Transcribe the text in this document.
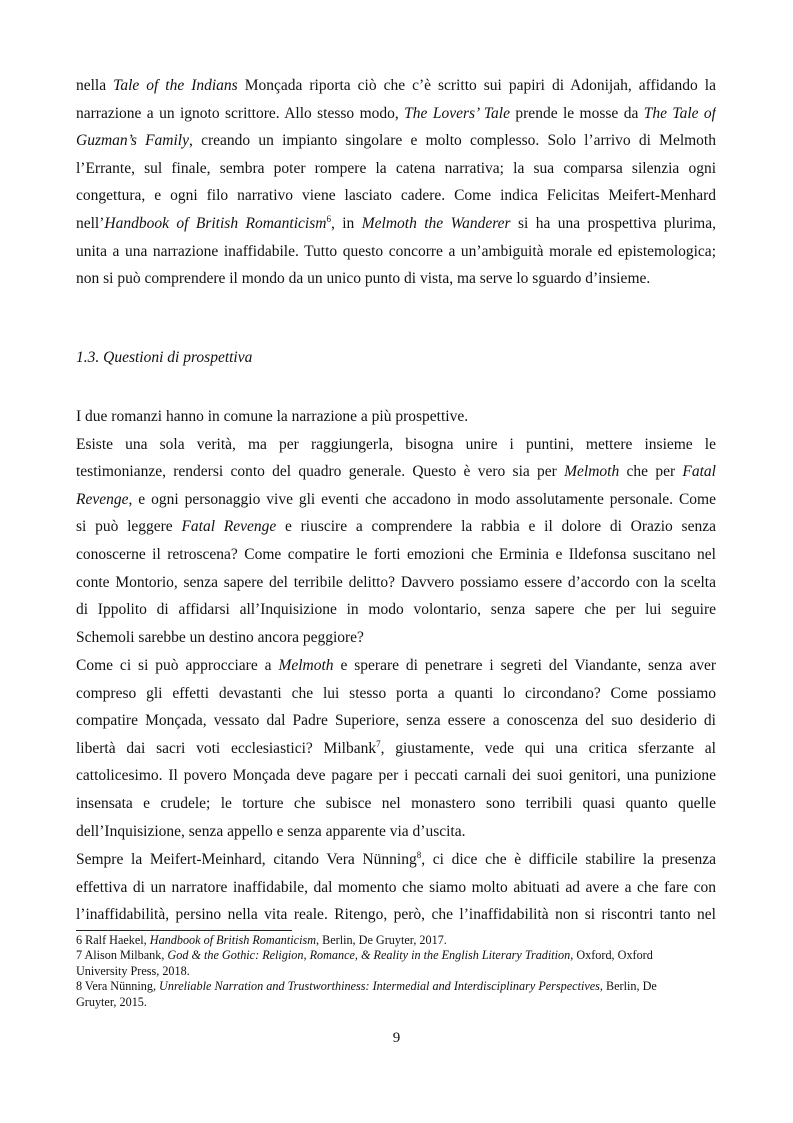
nella Tale of the Indians Monçada riporta ciò che c’è scritto sui papiri di Adonijah, affidando la
narrazione a un ignoto scrittore. Allo stesso modo, The Lovers’ Tale prende le mosse da The Tale of
Guzman’s Family, creando un impianto singolare e molto complesso. Solo l’arrivo di Melmoth
l’Errante, sul finale, sembra poter rompere la catena narrativa; la sua comparsa silenzia ogni
congettura, e ogni filo narrativo viene lasciato cadere. Come indica Felicitas Meifert-Menhard
nell’Handbook of British Romanticism$^6$, in Melmoth the Wanderer si ha una prospettiva plurima,
unita a una narrazione inaffidabile. Tutto questo concorre a un’ambiguità morale ed epistemologica;
non si può comprendere il mondo da un unico punto di vista, ma serve lo sguardo d’insieme.
1.3. Questioni di prospettiva
I due romanzi hanno in comune la narrazione a più prospettive.
Esiste una sola verità, ma per raggiungerla, bisogna unire i puntini, mettere insieme le
testimonianze, rendersi conto del quadro generale. Questo è vero sia per Melmoth che per Fatal
Revenge, e ogni personaggio vive gli eventi che accadono in modo assolutamente personale. Come
si può leggere Fatal Revenge e riuscire a comprendere la rabbia e il dolore di Orazio senza
conoscerne il retroscena? Come compatire le forti emozioni che Erminia e Ildefonsa suscitano nel
conte Montorio, senza sapere del terribile delitto? Davvero possiamo essere d’accordo con la scelta
di Ippolito di affidarsi all’Inquisizione in modo volontario, senza sapere che per lui seguire
Schemoli sarebbe un destino ancora peggiore?
Come ci si può approcciare a Melmoth e sperare di penetrare i segreti del Viandante, senza aver
compreso gli effetti devastanti che lui stesso porta a quanti lo circondano? Come possiamo
compatire Monçada, vessato dal Padre Superiore, senza essere a conoscenza del suo desiderio di
libertà dai sacri voti ecclesiastici? Milbank$^7$, giustamente, vede qui una critica sferzante al
cattolicesimo. Il povero Monçada deve pagare per i peccati carnali dei suoi genitori, una punizione
insensata e crudele; le torture che subisce nel monastero sono terribili quasi quanto quelle
dell’Inquisizione, senza appello e senza apparente via d’uscita.
Sempre la Meifert-Meinhard, citando Vera Nünning$^8$, ci dice che è difficile stabilire la presenza
effettiva di un narratore inaffidabile, dal momento che siamo molto abituati ad avere a che fare con
l’inaffidabilità, persino nella vita reale. Ritengo, però, che l’inaffidabilità non si riscontri tanto nel
6 Ralf Haekel, Handbook of British Romanticism, Berlin, De Gruyter, 2017.
7 Alison Milbank, God & the Gothic: Religion, Romance, & Reality in the English Literary Tradition, Oxford, Oxford
University Press, 2018.
8 Vera Nünning, Unreliable Narration and Trustworthiness: Intermedial and Interdisciplinary Perspectives, Berlin, De
Gruyter, 2015.
9
